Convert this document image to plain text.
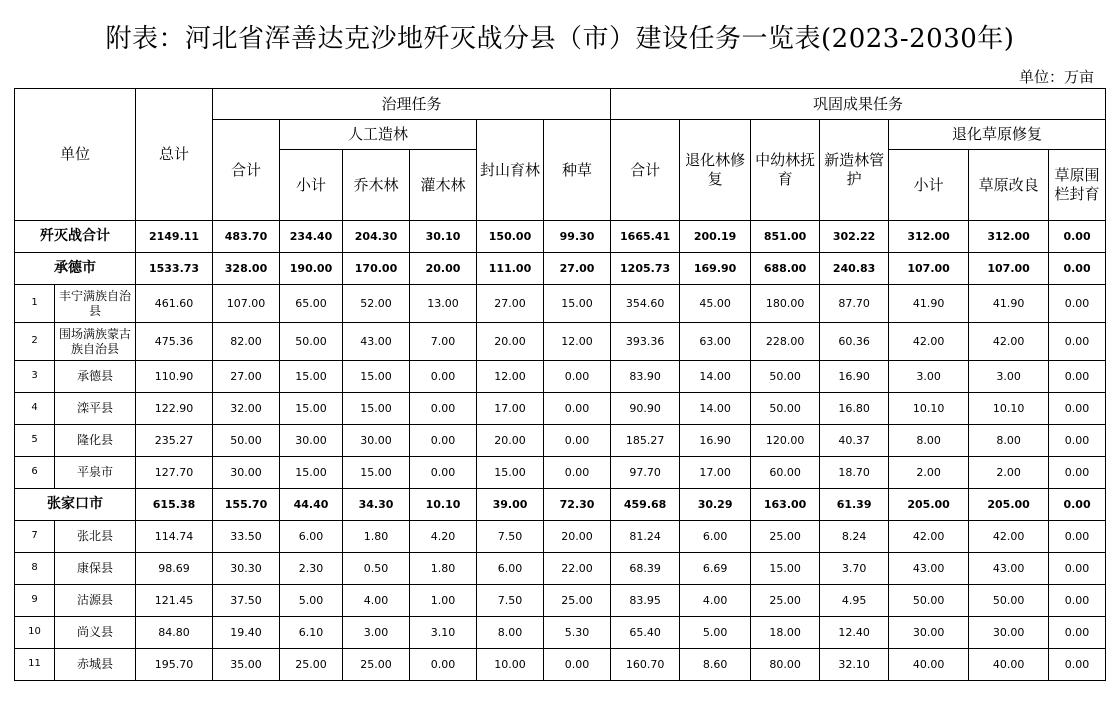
附表：河北省浑善达克沙地歼灭战分县（市）建设任务一览表(2023-2030年)
单位：万亩
单位		总计	治理任务						巩固成果任务						
			合计	人工造林			封山育林	种草	合计	退化林修复	中幼林抚育	新造林管护	退化草原修复		
				小计	乔木林	灌木林							小计	草原改良	草原围栏封育
歼灭战合计		2149.11	483.70	234.40	204.30	30.10	150.00	99.30	1665.41	200.19	851.00	302.22	312.00	312.00	0.00
承德市		1533.73	328.00	190.00	170.00	20.00	111.00	27.00	1205.73	169.90	688.00	240.83	107.00	107.00	0.00
1	丰宁满族自治县	461.60	107.00	65.00	52.00	13.00	27.00	15.00	354.60	45.00	180.00	87.70	41.90	41.90	0.00
2	围场满族蒙古族自治县	475.36	82.00	50.00	43.00	7.00	20.00	12.00	393.36	63.00	228.00	60.36	42.00	42.00	0.00
3	承德县	110.90	27.00	15.00	15.00	0.00	12.00	0.00	83.90	14.00	50.00	16.90	3.00	3.00	0.00
4	滦平县	122.90	32.00	15.00	15.00	0.00	17.00	0.00	90.90	14.00	50.00	16.80	10.10	10.10	0.00
5	隆化县	235.27	50.00	30.00	30.00	0.00	20.00	0.00	185.27	16.90	120.00	40.37	8.00	8.00	0.00
6	平泉市	127.70	30.00	15.00	15.00	0.00	15.00	0.00	97.70	17.00	60.00	18.70	2.00	2.00	0.00
张家口市		615.38	155.70	44.40	34.30	10.10	39.00	72.30	459.68	30.29	163.00	61.39	205.00	205.00	0.00
7	张北县	114.74	33.50	6.00	1.80	4.20	7.50	20.00	81.24	6.00	25.00	8.24	42.00	42.00	0.00
8	康保县	98.69	30.30	2.30	0.50	1.80	6.00	22.00	68.39	6.69	15.00	3.70	43.00	43.00	0.00
9	沽源县	121.45	37.50	5.00	4.00	1.00	7.50	25.00	83.95	4.00	25.00	4.95	50.00	50.00	0.00
10	尚义县	84.80	19.40	6.10	3.00	3.10	8.00	5.30	65.40	5.00	18.00	12.40	30.00	30.00	0.00
11	赤城县	195.70	35.00	25.00	25.00	0.00	10.00	0.00	160.70	8.60	80.00	32.10	40.00	40.00	0.00
